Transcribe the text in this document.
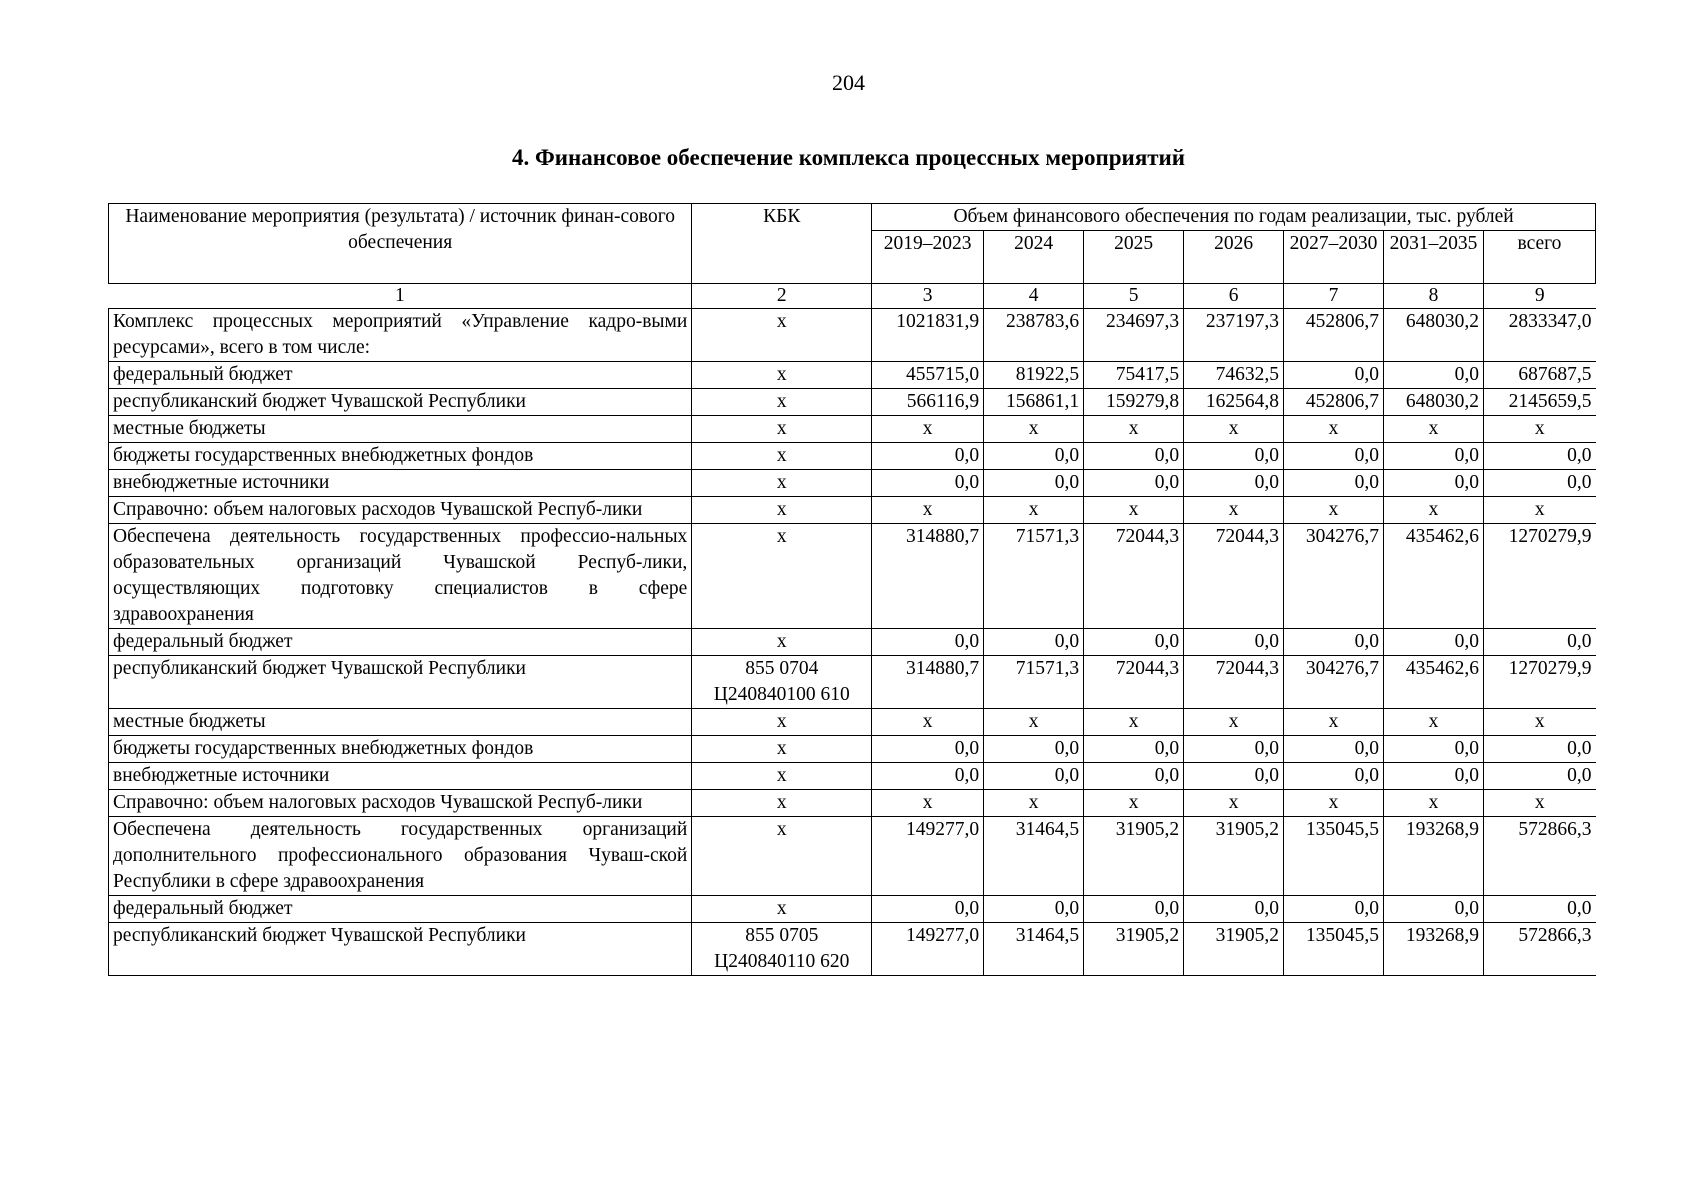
204
4. Финансовое обеспечение комплекса процессных мероприятий
Наименование мероприятия (результата) / источник финан-сового обеспечения	КБК	Объем финансового обеспечения по годам реализации, тыс. рублей						
		2019–2023	2024	2025	2026	2027–2030	2031–2035	всего
1	2	3	4	5	6	7	8	9
Комплекс процессных мероприятий «Управление кадро-выми ресурсами», всего в том числе:	x	1021831,9	238783,6	234697,3	237197,3	452806,7	648030,2	2833347,0
федеральный бюджет	x	455715,0	81922,5	75417,5	74632,5	0,0	0,0	687687,5
республиканский бюджет Чувашской Республики	x	566116,9	156861,1	159279,8	162564,8	452806,7	648030,2	2145659,5
местные бюджеты	x	x	x	x	x	x	x	x
бюджеты государственных внебюджетных фондов	x	0,0	0,0	0,0	0,0	0,0	0,0	0,0
внебюджетные источники	x	0,0	0,0	0,0	0,0	0,0	0,0	0,0
Справочно: объем налоговых расходов Чувашской Респуб-лики	x	x	x	x	x	x	x	x
Обеспечена деятельность государственных профессио-нальных образовательных организаций Чувашской Респуб-лики, осуществляющих подготовку специалистов в сфере здравоохранения	x	314880,7	71571,3	72044,3	72044,3	304276,7	435462,6	1270279,9
федеральный бюджет	x	0,0	0,0	0,0	0,0	0,0	0,0	0,0
республиканский бюджет Чувашской Республики	855 0704 Ц240840100 610	314880,7	71571,3	72044,3	72044,3	304276,7	435462,6	1270279,9
местные бюджеты	x	x	x	x	x	x	x	x
бюджеты государственных внебюджетных фондов	x	0,0	0,0	0,0	0,0	0,0	0,0	0,0
внебюджетные источники	x	0,0	0,0	0,0	0,0	0,0	0,0	0,0
Справочно: объем налоговых расходов Чувашской Респуб-лики	x	x	x	x	x	x	x	x
Обеспечена деятельность государственных организаций дополнительного профессионального образования Чуваш-ской Республики в сфере здравоохранения	x	149277,0	31464,5	31905,2	31905,2	135045,5	193268,9	572866,3
федеральный бюджет	x	0,0	0,0	0,0	0,0	0,0	0,0	0,0
республиканский бюджет Чувашской Республики	855 0705 Ц240840110 620	149277,0	31464,5	31905,2	31905,2	135045,5	193268,9	572866,3
